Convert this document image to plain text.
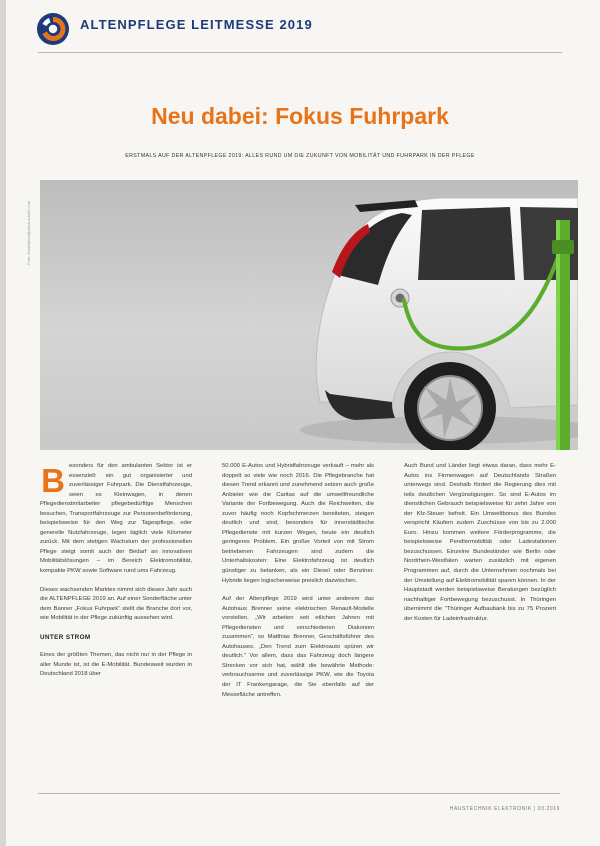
ALTENPFLEGE LEITMESSE 2019
Neu dabei: Fokus Fuhrpark
ERSTMALS AUF DER ALTENPFLEGE 2019: ALLES RUND UM DIE ZUKUNFT VON MOBILITÄT UND FUHRPARK IN DER PFLEGE
Foto: ehabeljean@stock.adobe.com

Besonders für den ambulanten Sektor ist er essenziell: ein gut organisierter und zuverlässiger Fuhrpark. Die Dienstfahrzeuge, seien es Kleinwagen, in denen Pflegedienstmitarbeiter pflegebedürftige Menschen besuchen, Transportfahrzeuge zur Personenbeförderung, beispielsweise für den Weg zur Tagespflege, oder generelle Nutzfahrzeuge, legen täglich viele Kilometer zurück. Mit dem stetigen Wachstum der professionellen Pflege steigt somit auch der Bedarf an innovativen Mobilitätslösungen – im Bereich Elektromobilität, kompakte PKW sowie Software rund ums Fahrzeug.

Dieses wachsenden Marktes nimmt sich dieses Jahr auch die ALTENPFLEGE 2019 an. Auf einer Sonderfläche unter dem Banner „Fokus Fuhrpark“ stellt die Branche dort vor, wie Mobilität in der Pflege zukünftig aussehen wird.

UNTER STROM

Eines der größten Themen, das nicht nur in der Pflege in aller Munde ist, ist die E-Mobilität. Bundesweit wurden in Deutschland 2018 über

50.000 E-Autos und Hybridfahrzeuge verkauft – mehr als doppelt so viele wie noch 2016. Die Pflegebranche hat diesen Trend erkannt und zunehmend setzen auch große Anbieter wie die Caritas auf die umweltfreundliche Variante der Fortbewegung. Auch die Reichweiten, die zuvor häufig noch Kopfschmerzen bereiteten, steigen deutlich und sind, besonders für innerstädtische Pflegedienste mit kurzen Wegen, heute ein deutlich geringeres Problem. Ein großer Vorteil von mit Strom betriebenen Fahrzeugen sind zudem die Unterhaltskosten: Eine Elektrofahrzeug ist deutlich günstiger zu betanken, als ein Diesel oder Benziner. Hybride liegen logischerweise preislich dazwischen.

Auf der Altenpflege 2019 wird unter anderem das Autohaus Brenner seine elektrischen Renault-Modelle vorstellen. „Wir arbeiten seit etlichen Jahren mit Pflegediensten und verschiedenen Diakonien zusammen“, so Matthias Brenner, Geschäftsführer des Autohauses. „Den Trend zum Elektroauto spüren wir deutlich.“ Vor allem, dass das Fahrzeug doch längere Strecken vor sich hat, wählt die bewährte Methode: verbrauchsarme und zuverlässige PKW, wie die Toyota der IT Frankengarage, die Sie ebenfalls auf der Messefläche antreffen.

Auch Bund und Länder liegt etwas daran, dass mehr E-Autos ins Firmenwagen auf Deutschlands Straßen unterwegs sind. Deshalb fördert die Regierung dies mit teils deutlichen Vergünstigungen. So sind E-Autos im dienstlichen Gebrauch beispielsweise für zehn Jahre von der Kfz-Steuer befreit. Ein Umweltbonus des Bundes verspricht Käufern zudem Zuschüsse von bis zu 2.000 Euro. Hinzu kommen weitere Förderprogramme, die beispielsweise Pendlermobilität oder Ladestationen bezuschussen. Einzelne Bundesländer wie Berlin oder Nordrhein-Westfalen warten zusätzlich mit eigenen Programmen auf, durch die Unternehmen nochmals bei der Umstellung auf Elektromobilität sparen können. In der Hauptstadt werden beispielsweise Beratungen bezüglich nachhaltiger Fortbewegung bezuschusst. In Thüringen übernimmt die "Thüringer Aufbaubank bis zu 75 Prozent der Kosten für Ladeinfrastruktur.

HAUSTECHNIK ELEKTRONIK | 03.2019
